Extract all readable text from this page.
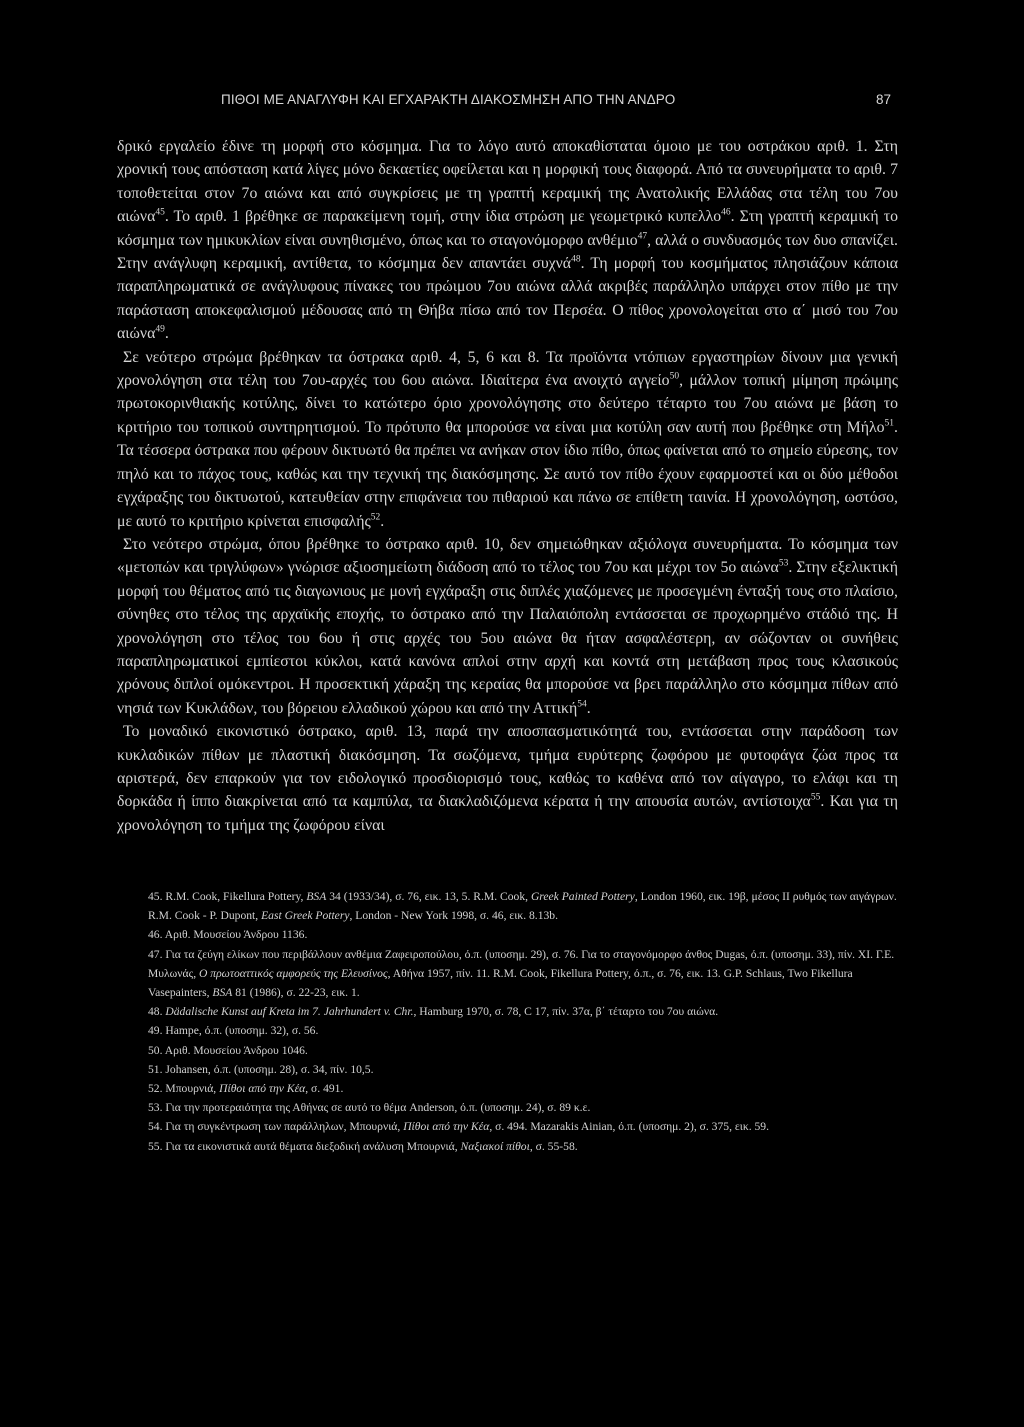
ΠΙΘΟΙ ΜΕ ΑΝΑΓΛΥΦΗ ΚΑΙ ΕΓΧΑΡΑΚΤΗ ΔΙΑΚΟΣΜΗΣΗ ΑΠΟ ΤΗΝ ΑΝΔΡΟ	87

δρικό εργαλείο έδινε τη μορφή στο κόσμημα. Για το λόγο αυτό αποκαθίσταται όμοιο με του οστράκου αριθ. 1. Στη χρονική τους απόσταση κατά λίγες μόνο δεκαετίες οφείλεται και η μορφική τους διαφορά. Από τα συνευρήματα το αριθ. 7 τοποθετείται στον 7ο αιώνα και από συγκρίσεις με τη γραπτή κεραμική της Ανατολικής Ελλάδας στα τέλη του 7ου αιώνα$^{45}$. Το αριθ. 1 βρέθηκε σε παρακείμενη τομή, στην ίδια στρώση με γεωμετρικό κυπελλο$^{46}$. Στη γραπτή κεραμική το κόσμημα των ημικυκλίων είναι συνηθισμένο, όπως και το σταγονόμορφο ανθέμιο$^{47}$, αλλά ο συνδυασμός των δυο σπανίζει. Στην ανάγλυφη κεραμική, αντίθετα, το κόσμημα δεν απαντάει συχνά$^{48}$. Τη μορφή του κοσμήματος πλησιάζουν κάποια παραπληρωματικά σε ανάγλυφους πίνακες του πρώιμου 7ου αιώνα αλλά ακριβές παράλληλο υπάρχει στον πίθο με την παράσταση αποκεφαλισμού μέδουσας από τη Θήβα πίσω από τον Περσέα. Ο πίθος χρονολογείται στο α΄ μισό του 7ου αιώνα$^{49}$.

Σε νεότερο στρώμα βρέθηκαν τα όστρακα αριθ. 4, 5, 6 και 8. Τα προϊόντα ντόπιων εργαστηρίων δίνουν μια γενική χρονολόγηση στα τέλη του 7ου-αρχές του 6ου αιώνα. Ιδιαίτερα ένα ανοιχτό αγγείο$^{50}$, μάλλον τοπική μίμηση πρώιμης πρωτοκορινθιακής κοτύλης, δίνει το κατώτερο όριο χρονολόγησης στο δεύτερο τέταρτο του 7ου αιώνα με βάση το κριτήριο του τοπικού συντηρητισμού. Το πρότυπο θα μπορούσε να είναι μια κοτύλη σαν αυτή που βρέθηκε στη Μήλο$^{51}$. Τα τέσσερα όστρακα που φέρουν δικτυωτό θα πρέπει να ανήκαν στον ίδιο πίθο, όπως φαίνεται από το σημείο εύρεσης, τον πηλό και το πάχος τους, καθώς και την τεχνική της διακόσμησης. Σε αυτό τον πίθο έχουν εφαρμοστεί και οι δύο μέθοδοι εγχάραξης του δικτυωτού, κατευθείαν στην επιφάνεια του πιθαριού και πάνω σε επίθετη ταινία. Η χρονολόγηση, ωστόσο, με αυτό το κριτήριο κρίνεται επισφαλής$^{52}$.

Στο νεότερο στρώμα, όπου βρέθηκε το όστρακο αριθ. 10, δεν σημειώθηκαν αξιόλογα συνευρήματα. Το κόσμημα των «μετοπών και τριγλύφων» γνώρισε αξιοσημείωτη διάδοση από το τέλος του 7ου και μέχρι τον 5ο αιώνα$^{53}$. Στην εξελικτική μορφή του θέματος από τις διαγωνιους με μονή εγχάραξη στις διπλές χιαζόμενες με προσεγμένη ένταξή τους στο πλαίσιο, σύνηθες στο τέλος της αρχαϊκής εποχής, το όστρακο από την Παλαιόπολη εντάσσεται σε προχωρημένο στάδιό της. Η χρονολόγηση στο τέλος του 6ου ή στις αρχές του 5ου αιώνα θα ήταν ασφαλέστερη, αν σώζονταν οι συνήθεις παραπληρωματικοί εμπίεστοι κύκλοι, κατά κανόνα απλοί στην αρχή και κοντά στη μετάβαση προς τους κλασικούς χρόνους διπλοί ομόκεντροι. Η προσεκτική χάραξη της κεραίας θα μπορούσε να βρει παράλληλο στο κόσμημα πίθων από νησιά των Κυκλάδων, του βόρειου ελλαδικού χώρου και από την Αττική$^{54}$.

Το μοναδικό εικονιστικό όστρακο, αριθ. 13, παρά την αποσπασματικότητά του, εντάσσεται στην παράδοση των κυκλαδικών πίθων με πλαστική διακόσμηση. Τα σωζόμενα, τμήμα ευρύτερης ζωφόρου με φυτοφάγα ζώα προς τα αριστερά, δεν επαρκούν για τον ειδολογικό προσδιορισμό τους, καθώς το καθένα από τον αίγαγρο, το ελάφι και τη δορκάδα ή ίππο διακρίνεται από τα καμπύλα, τα διακλαδιζόμενα κέρατα ή την απουσία αυτών, αντίστοιχα$^{55}$. Και για τη χρονολόγηση το τμήμα της ζωφόρου είναι

45. R.M. Cook, Fikellura Pottery, BSA 34 (1933/34), σ. 76, εικ. 13, 5. R.M. Cook, Greek Painted Pottery, London 1960, εικ. 19β, μέσος ΙΙ ρυθμός των αιγάγρων. R.M. Cook - P. Dupont, East Greek Pottery, London - New York 1998, σ. 46, εικ. 8.13b.

46. Αριθ. Μουσείου Άνδρου 1136.

47. Για τα ζεύγη ελίκων που περιβάλλουν ανθέμια Ζαφειροπούλου, ό.π. (υποσημ. 29), σ. 76. Για το σταγονόμορφο άνθος Dugas, ό.π. (υποσημ. 33), πίν. XI. Γ.Ε. Μυλωνάς, Ο πρωτοαττικός αμφορεύς της Ελευσίνος, Αθήνα 1957, πίν. 11. R.M. Cook, Fikellura Pottery, ό.π., σ. 76, εικ. 13. G.P. Schlaus, Two Fikellura Vasepainters, BSA 81 (1986), σ. 22-23, εικ. 1.

48. Dädalische Kunst auf Kreta im 7. Jahrhundert v. Chr., Hamburg 1970, σ. 78, C 17, πίν. 37α, β΄ τέταρτο του 7ου αιώνα.

49. Hampe, ό.π. (υποσημ. 32), σ. 56.

50. Αριθ. Μουσείου Άνδρου 1046.

51. Johansen, ό.π. (υποσημ. 28), σ. 34, πίν. 10,5.

52. Μπουρνιά, Πίθοι από την Κέα, σ. 491.

53. Για την προτεραιότητα της Αθήνας σε αυτό το θέμα Anderson, ό.π. (υποσημ. 24), σ. 89 κ.ε.

54. Για τη συγκέντρωση των παράλληλων, Μπουρνιά, Πίθοι από την Κέα, σ. 494. Mazarakis Ainian, ό.π. (υποσημ. 2), σ. 375, εικ. 59.

55. Για τα εικονιστικά αυτά θέματα διεξοδική ανάλυση Μπουρνιά, Ναξιακοί πίθοι, σ. 55-58.
